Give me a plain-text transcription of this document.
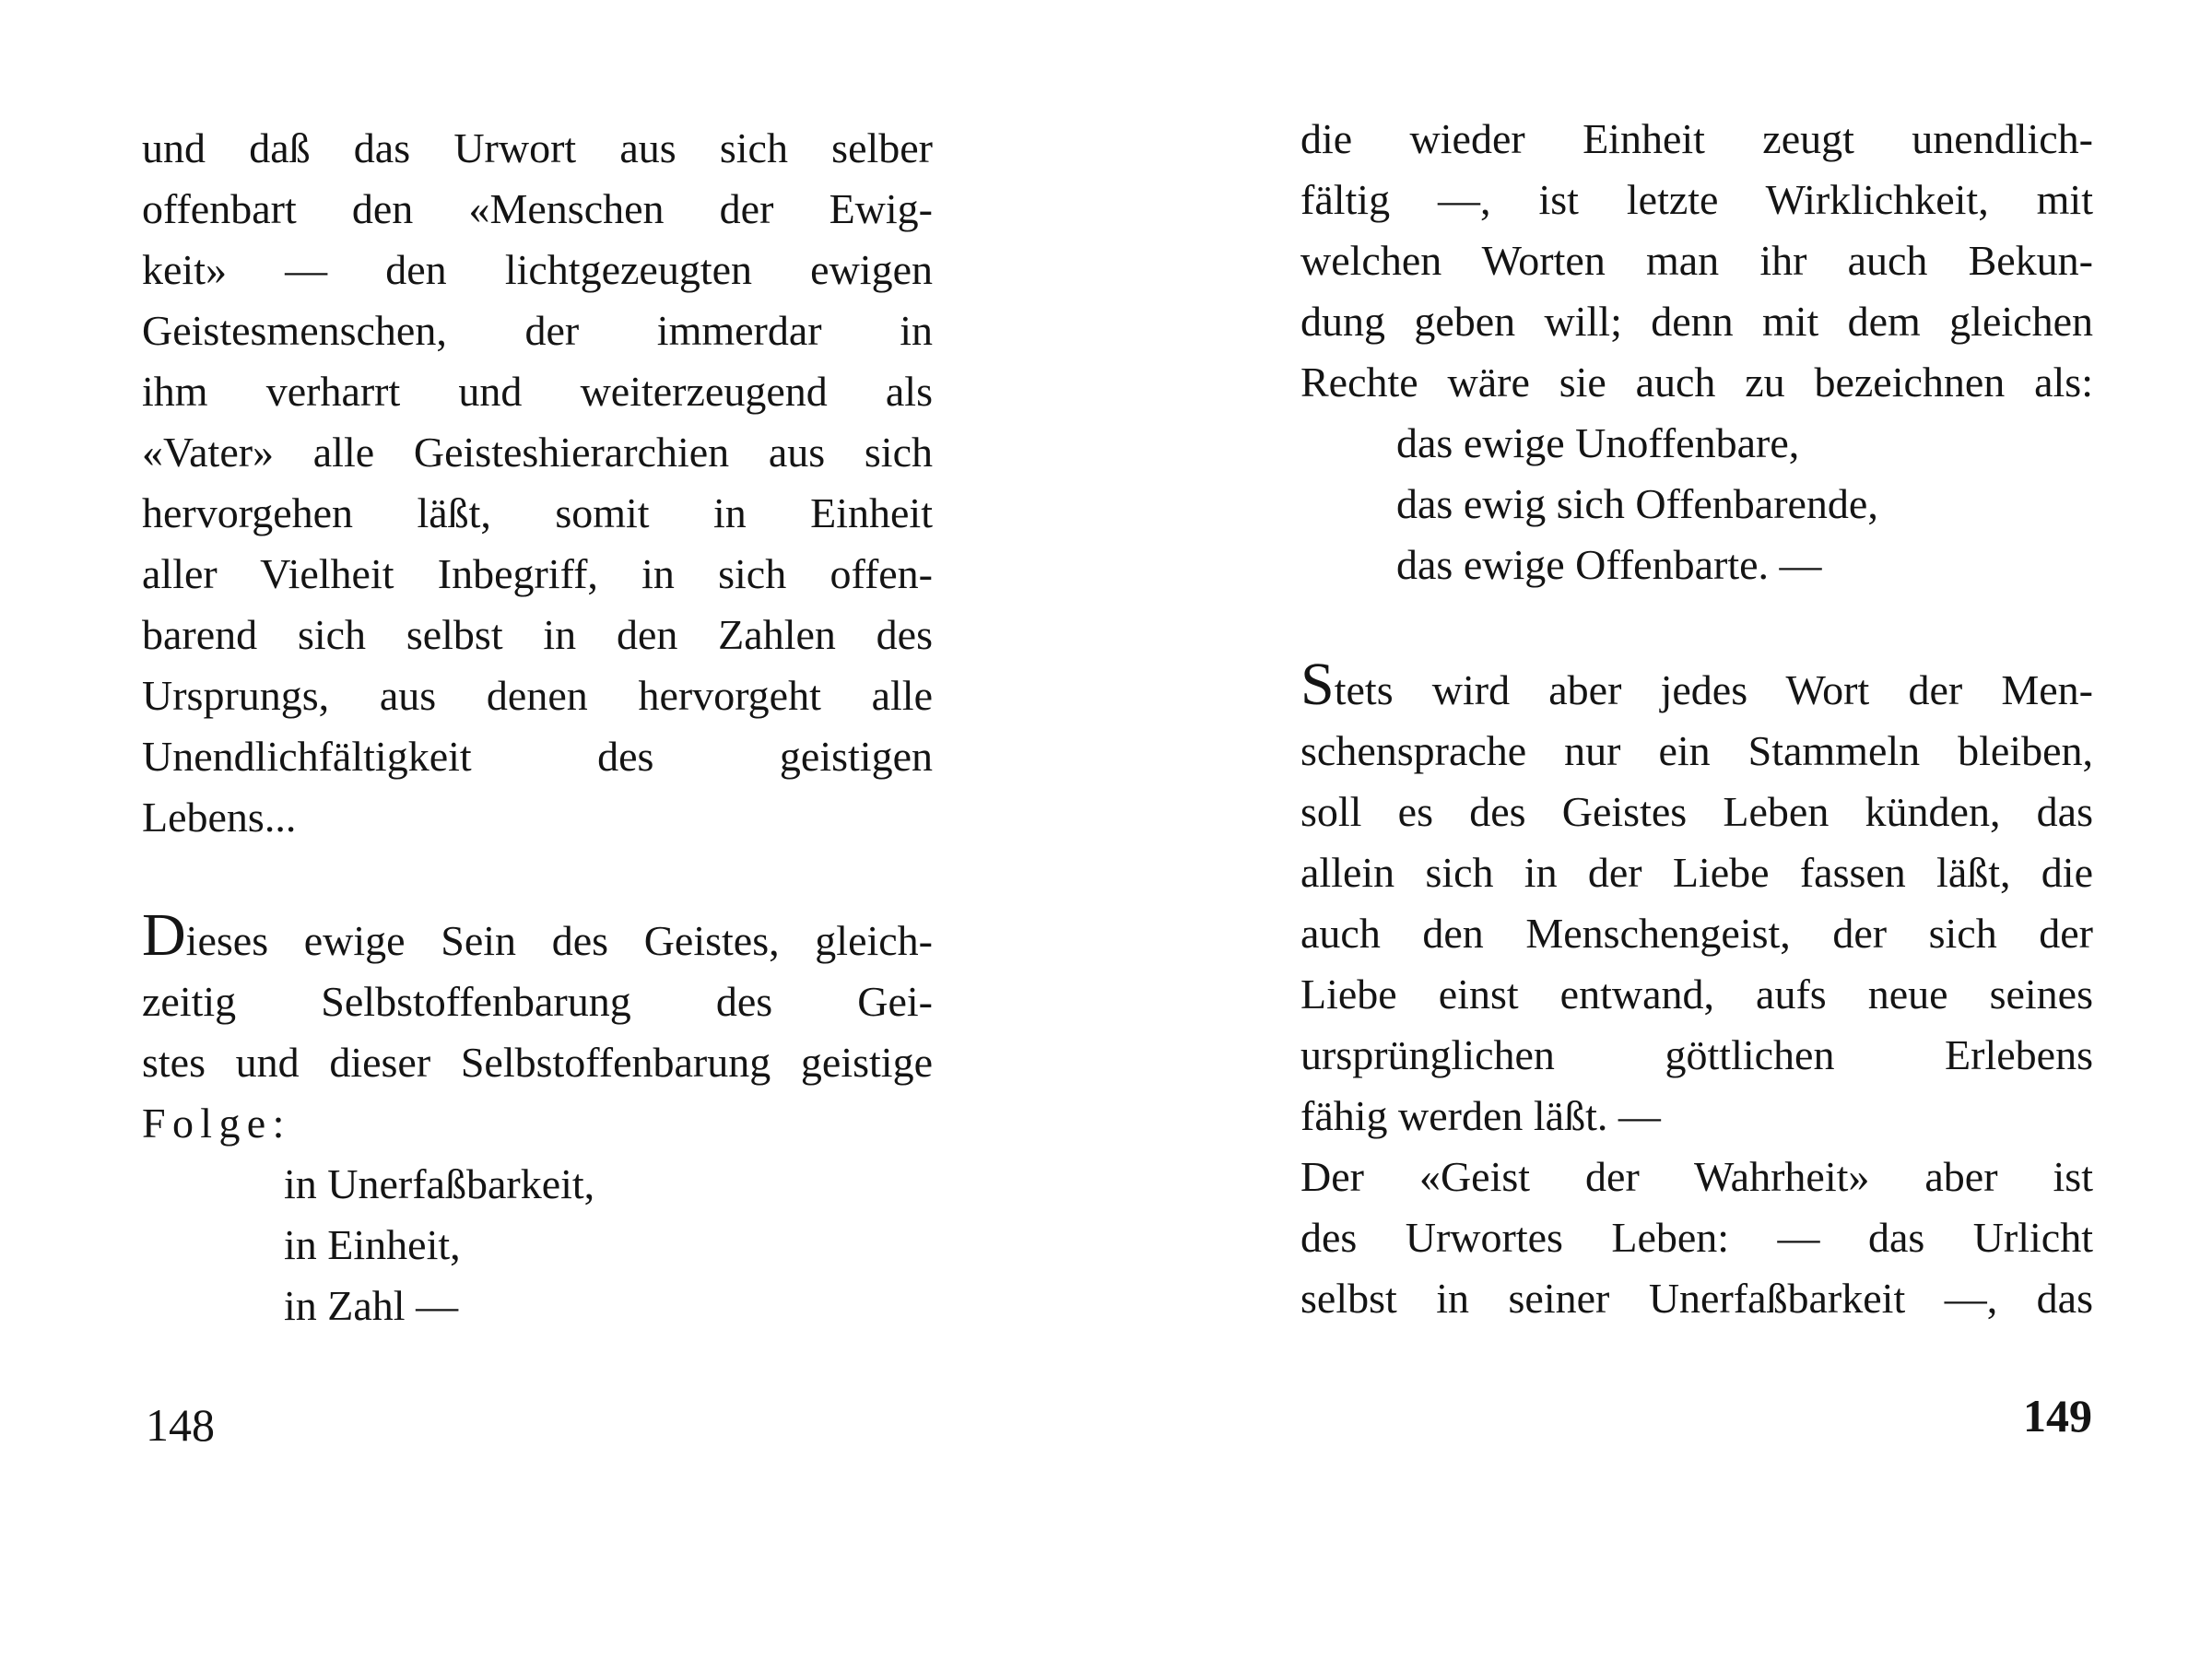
und daß das Urwort aus sich selber
offenbart den «Menschen der Ewig-
keit» — den lichtgezeugten ewigen
Geistesmenschen, der immerdar in
ihm verharrt und weiterzeugend als
«Vater» alle Geisteshierarchien aus sich
hervorgehen läßt, somit in Einheit
aller Vielheit Inbegriff, in sich offen-
barend sich selbst in den Zahlen des
Ursprungs, aus denen hervorgeht alle
Unendlichfältigkeit des geistigen
Lebens...
Dieses ewige Sein des Geistes, gleich-
zeitig Selbstoffenbarung des Gei-
stes und dieser Selbstoffenbarung geistige
Folge:
in Unerfaßbarkeit,
in Einheit,
in Zahl —
148
die wieder Einheit zeugt unendlich-
fältig —, ist letzte Wirklichkeit, mit
welchen Worten man ihr auch Bekun-
dung geben will; denn mit dem gleichen
Rechte wäre sie auch zu bezeichnen als:
das ewige Unoffenbare,
das ewig sich Offenbarende,
das ewige Offenbarte. —
Stets wird aber jedes Wort der Men-
schensprache nur ein Stammeln bleiben,
soll es des Geistes Leben künden, das
allein sich in der Liebe fassen läßt, die
auch den Menschengeist, der sich der
Liebe einst entwand, aufs neue seines
ursprünglichen göttlichen Erlebens
fähig werden läßt. —
Der «Geist der Wahrheit» aber ist
des Urwortes Leben: — das Urlicht
selbst in seiner Unerfaßbarkeit —, das
149
